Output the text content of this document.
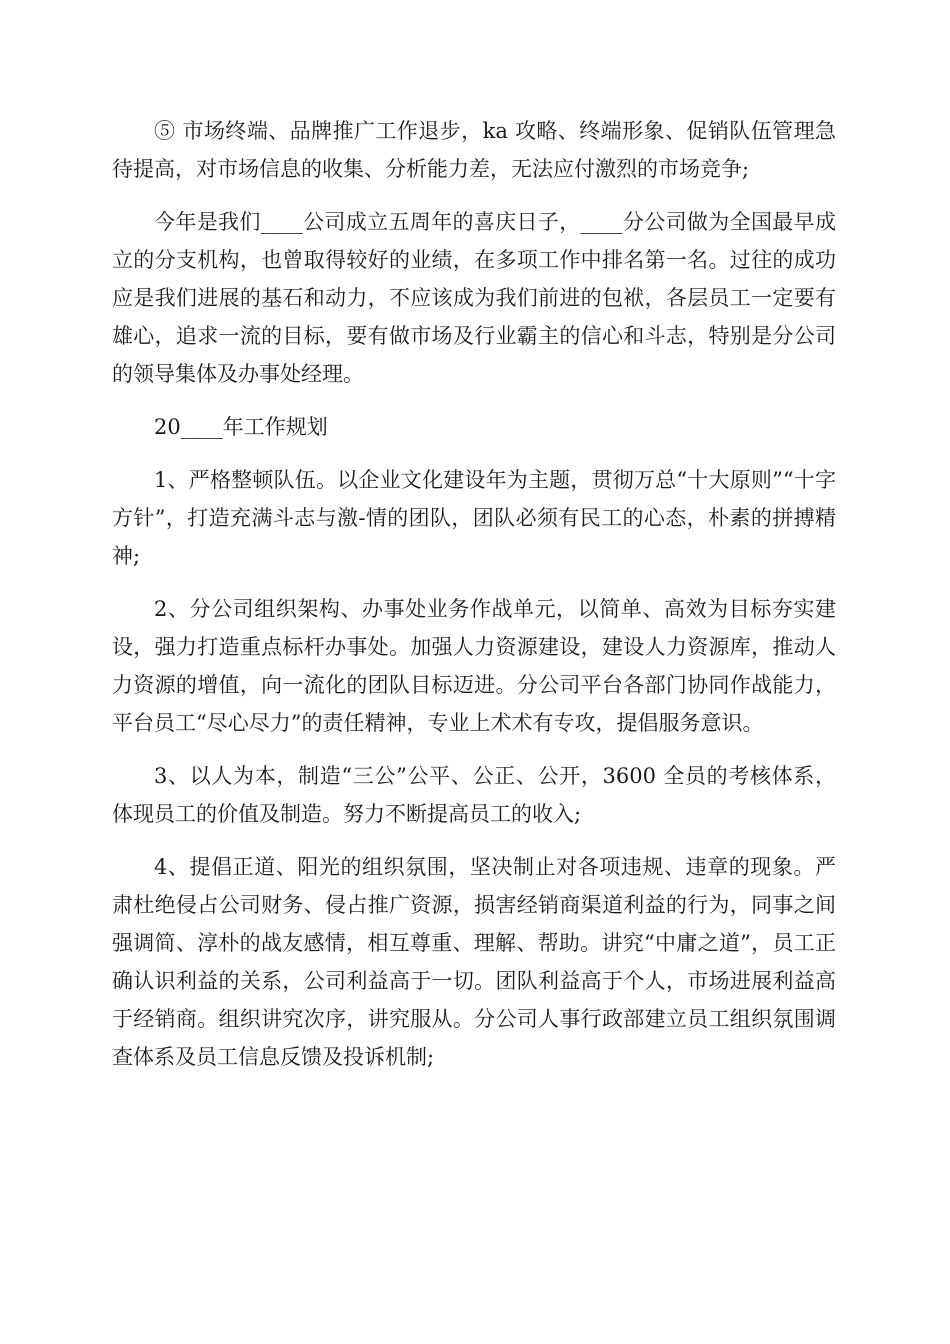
⑤ 市场终端、品牌推广工作退步，ka 攻略、终端形象、促销队伍管理急待提高，对市场信息的收集、分析能力差，无法应付激烈的市场竞争;

今年是我们____公司成立五周年的喜庆日子，____分公司做为全国最早成立的分支机构，也曾取得较好的业绩，在多项工作中排名第一名。过往的成功应是我们进展的基石和动力，不应该成为我们前进的包袱，各层员工一定要有雄心，追求一流的目标，要有做市场及行业霸主的信心和斗志，特别是分公司的领导集体及办事处经理。

20____年工作规划

1、严格整顿队伍。以企业文化建设年为主题，贯彻万总“十大原则”“十字方针”，打造充满斗志与激-情的团队，团队必须有民工的心态，朴素的拼搏精神;

2、分公司组织架构、办事处业务作战单元，以简单、高效为目标夯实建设，强力打造重点标杆办事处。加强人力资源建设，建设人力资源库，推动人力资源的增值，向一流化的团队目标迈进。分公司平台各部门协同作战能力，平台员工“尽心尽力”的责任精神，专业上术术有专攻，提倡服务意识。

3、以人为本，制造“三公”公平、公正、公开，3600 全员的考核体系，体现员工的价值及制造。努力不断提高员工的收入;

4、提倡正道、阳光的组织氛围，坚决制止对各项违规、违章的现象。严肃杜绝侵占公司财务、侵占推广资源，损害经销商渠道利益的行为，同事之间强调简、淳朴的战友感情，相互尊重、理解、帮助。讲究“中庸之道”，员工正确认识利益的关系，公司利益高于一切。团队利益高于个人，市场进展利益高于经销商。组织讲究次序，讲究服从。分公司人事行政部建立员工组织氛围调查体系及员工信息反馈及投诉机制;
